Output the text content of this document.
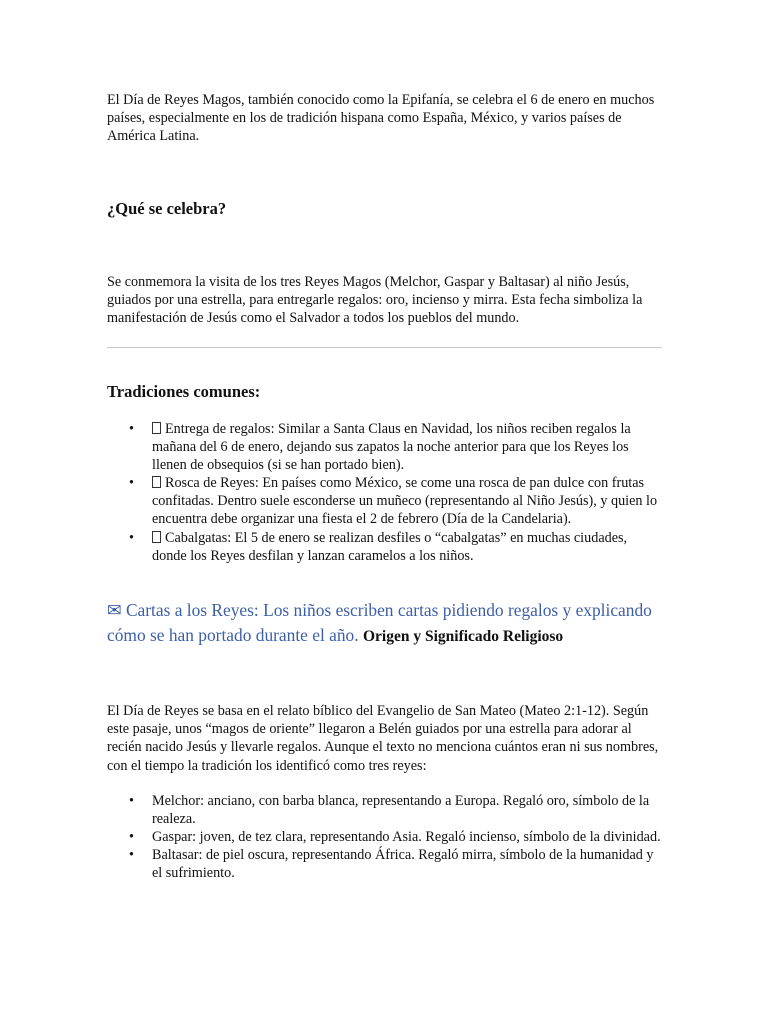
El Día de Reyes Magos, también conocido como la Epifanía, se celebra el 6 de enero en muchos países, especialmente en los de tradición hispana como España, México, y varios países de América Latina.

¿Qué se celebra?

Se conmemora la visita de los tres Reyes Magos (Melchor, Gaspar y Baltasar) al niño Jesús, guiados por una estrella, para entregarle regalos: oro, incienso y mirra. Esta fecha simboliza la manifestación de Jesús como el Salvador a todos los pueblos del mundo.

Tradiciones comunes:
• Entrega de regalos: Similar a Santa Claus en Navidad, los niños reciben regalos la mañana del 6 de enero, dejando sus zapatos la noche anterior para que los Reyes los llenen de obsequios (si se han portado bien).
• Rosca de Reyes: En países como México, se come una rosca de pan dulce con frutas confitadas. Dentro suele esconderse un muñeco (representando al Niño Jesús), y quien lo encuentra debe organizar una fiesta el 2 de febrero (Día de la Candelaria).
• Cabalgatas: El 5 de enero se realizan desfiles o “cabalgatas” en muchas ciudades, donde los Reyes desfilan y lanzan caramelos a los niños.

✉ Cartas a los Reyes: Los niños escriben cartas pidiendo regalos y explicando cómo se han portado durante el año. Origen y Significado Religioso

El Día de Reyes se basa en el relato bíblico del Evangelio de San Mateo (Mateo 2:1-12). Según este pasaje, unos “magos de oriente” llegaron a Belén guiados por una estrella para adorar al recién nacido Jesús y llevarle regalos. Aunque el texto no menciona cuántos eran ni sus nombres, con el tiempo la tradición los identificó como tres reyes:

• Melchor: anciano, con barba blanca, representando a Europa. Regaló oro, símbolo de la realeza.
• Gaspar: joven, de tez clara, representando Asia. Regaló incienso, símbolo de la divinidad.
• Baltasar: de piel oscura, representando África. Regaló mirra, símbolo de la humanidad y el sufrimiento.
